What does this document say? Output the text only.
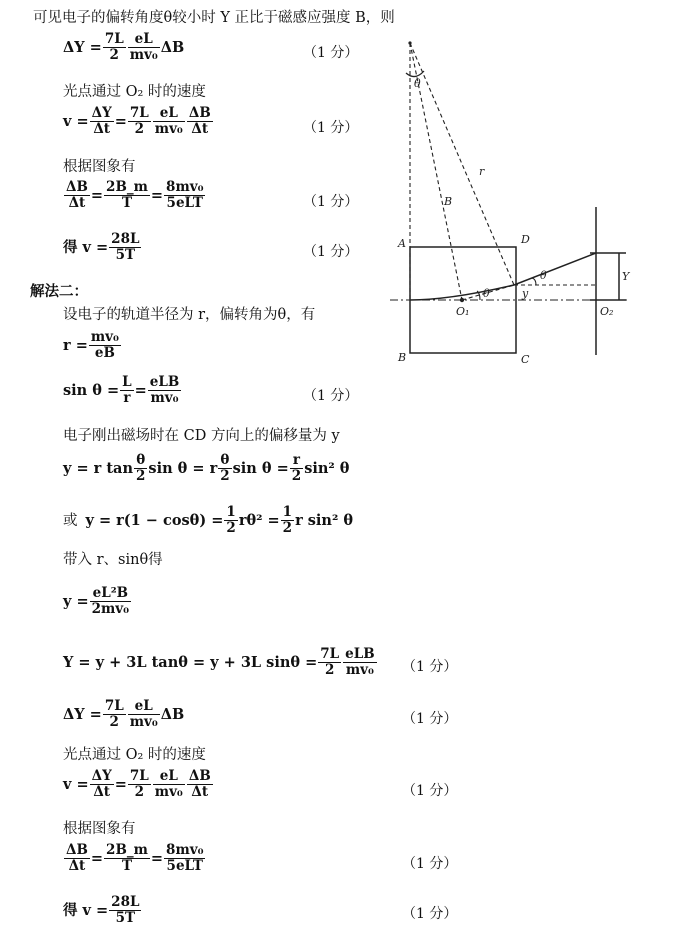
可见电子的偏转角度θ较小时 Y 正比于磁感应强度 B，则
$\Delta Y = \frac{7L}{2} \frac{eL}{\text{mv₀}}$ ΔB	（1 分）
光点通过 O₂ 时的速度
$v = \frac{\Delta Y}{\Delta t} = \frac{7L}{2} \frac{eL}{\text{mv₀}} \frac{\Delta B}{\Delta t}$	（1 分）
根据图象有
$\frac{\Delta B}{\Delta t} = \frac{2B\_m}{T} = \frac{\text{8mv₀}}{\text{5eLT}}$	（1 分）
得 $v = \frac{28L}{5T}$	（1 分）
解法二：
设电子的轨道半径为 r，偏转角为θ，有
$r = \frac{\text{mv₀}}{eB}$
$\sin \theta = \frac{L}{r} = \frac{\text{eLB}}{\text{mv₀}}$	（1 分）
电子刚出磁场时在 CD 方向上的偏移量为 y
y = r $\tan \frac{\theta}{2}$ sin θ = r $\frac{\theta}{2}$ $\sin \theta = \frac{r}{2} \sin^2$ θ
或 $y = r(1 - \cos\theta) = \frac{1}{2} r\theta^2 = \frac{1}{2}$ r sin² θ
带入 r、sinθ得
$y = \frac{\text{eL²B}}{\text{2mv₀}}$
Y = y + 3L tanθ = y + 3L $\sin\theta = \frac{7L}{2} \frac{\text{eLB}}{\text{mv₀}} (1$ 分）
$\Delta Y = \frac{7L}{2} \frac{eL}{\text{mv₀}}$ ΔB	（1 分）
光点通过 O₂ 时的速度
$v = \frac{\Delta Y}{\Delta t} = \frac{7L}{2} \frac{eL}{\text{mv₀}} \frac{\Delta B}{\Delta t}$	（1 分）
根据图象有
$\frac{\Delta B}{\Delta t} = \frac{2B\_m}{T} = \frac{\text{8mv₀}}{\text{5eLT}}$	（1 分）
得 $v = \frac{28L}{5T}$	（1 分）
A	D
B	C
O₁	O₂
Y
y
B
r
θ
θ
θ
